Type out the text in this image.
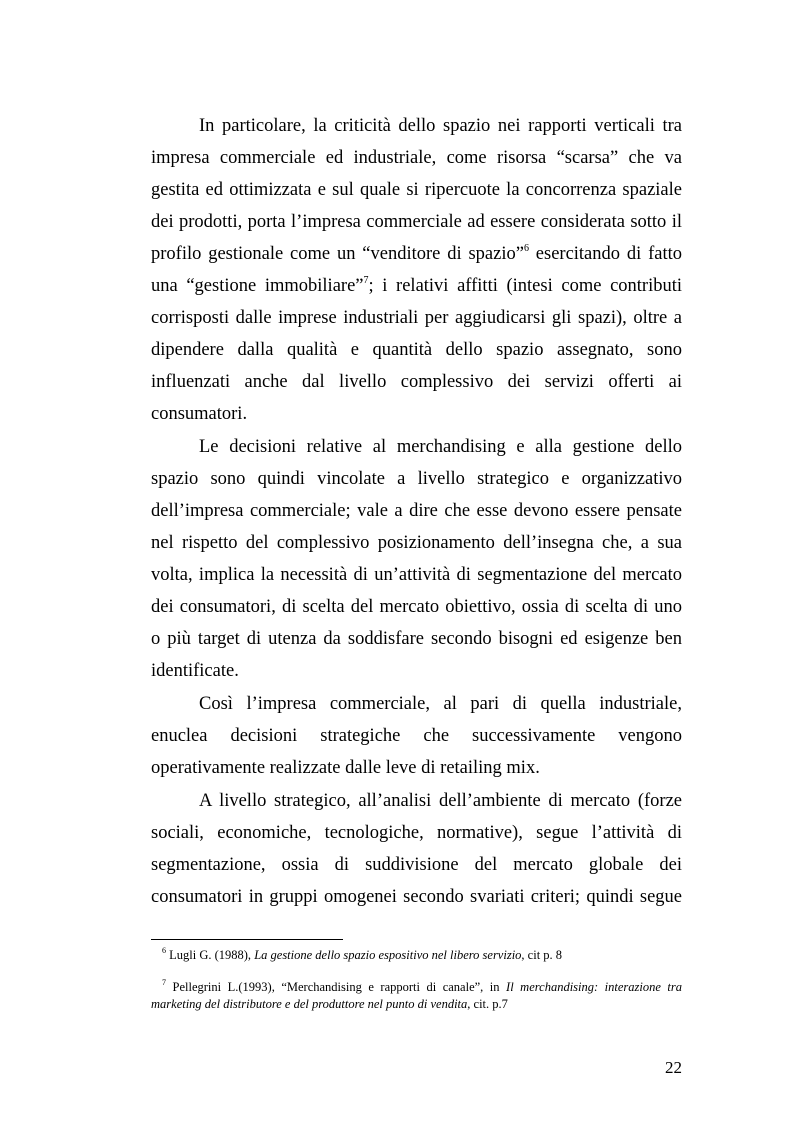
In particolare, la criticità dello spazio nei rapporti verticali tra
impresa commerciale ed industriale, come risorsa “scarsa” che va
gestita ed ottimizzata e sul quale si ripercuote la concorrenza spaziale
dei prodotti, porta l’impresa commerciale ad essere considerata sotto il
profilo gestionale come un “venditore di spazio”$^6$ esercitando di fatto
una “gestione immobiliare”$^7$; i relativi affitti (intesi come contributi
corrisposti dalle imprese industriali per aggiudicarsi gli spazi), oltre a
dipendere dalla qualità e quantità dello spazio assegnato, sono
influenzati anche dal livello complessivo dei servizi offerti ai
consumatori.
Le decisioni relative al merchandising e alla gestione dello
spazio sono quindi vincolate a livello strategico e organizzativo
dell’impresa commerciale; vale a dire che esse devono essere pensate
nel rispetto del complessivo posizionamento dell’insegna che, a sua
volta, implica la necessità di un’attività di segmentazione del mercato
dei consumatori, di scelta del mercato obiettivo, ossia di scelta di uno
o più target di utenza da soddisfare secondo bisogni ed esigenze ben
identificate.
Così l’impresa commerciale, al pari di quella industriale,
enuclea decisioni strategiche che successivamente vengono
operativamente realizzate dalle leve di retailing mix.
A livello strategico, all’analisi dell’ambiente di mercato (forze
sociali, economiche, tecnologiche, normative), segue l’attività di
segmentazione, ossia di suddivisione del mercato globale dei
consumatori in gruppi omogenei secondo svariati criteri; quindi segue
$^6$ Lugli G. (1988), La gestione dello spazio espositivo nel libero servizio, cit p. 8
$^7$ Pellegrini L.(1993), “Merchandising e rapporti di canale”, in Il merchandising: interazione tra
marketing del distributore e del produttore nel punto di vendita, cit. p.7
22
